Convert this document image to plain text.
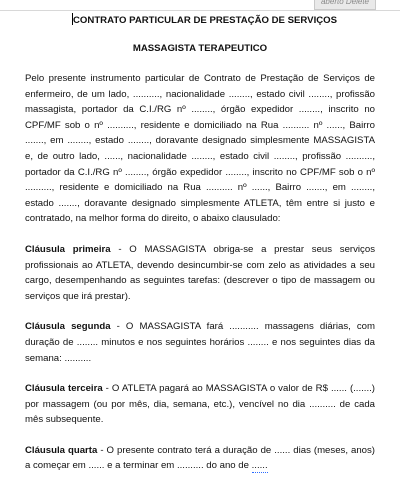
aberto Delete
CONTRATO PARTICULAR DE PRESTAÇÃO DE SERVIÇOS
MASSAGISTA TERAPEUTICO

Pelo presente instrumento particular de Contrato de Prestação de Serviços de enfermeiro, de um lado, .........., nacionalidade ........, estado civil ........, profissão massagista, portador da C.I./RG nº ........, órgão expedidor ........, inscrito no CPF/MF sob o nº .........., residente e domiciliado na Rua .......... nº ......, Bairro ......., em ........, estado ........, doravante designado simplesmente MASSAGISTA e, de outro lado, ......, nacionalidade ........, estado civil ........, profissão .........., portador da C.I./RG nº ........, órgão expedidor ........, inscrito no CPF/MF sob o nº .........., residente e domiciliado na Rua .......... nº ......, Bairro ......., em ........, estado ......., doravante designado simplesmente ATLETA, têm entre si justo e contratado, na melhor forma do direito, o abaixo clausulado:

Cláusula primeira - O MASSAGISTA obriga-se a prestar seus serviços profissionais ao ATLETA, devendo desincumbir-se com zelo as atividades a seu cargo, desempenhando as seguintes tarefas: (descrever o tipo de massagem ou serviços que irá prestar).

Cláusula segunda - O MASSAGISTA fará ........... massagens diárias, com duração de ........ minutos e nos seguintes horários ........ e nos seguintes dias da semana: ..........

Cláusula terceira - O ATLETA pagará ao MASSAGISTA o valor de R$ ...... (.......) por massagem (ou por mês, dia, semana, etc.), vencível no dia .......... de cada mês subsequente.

Cláusula quarta - O presente contrato terá a duração de ...... dias (meses, anos) a começar em ...... e a terminar em .......... do ano de ......
